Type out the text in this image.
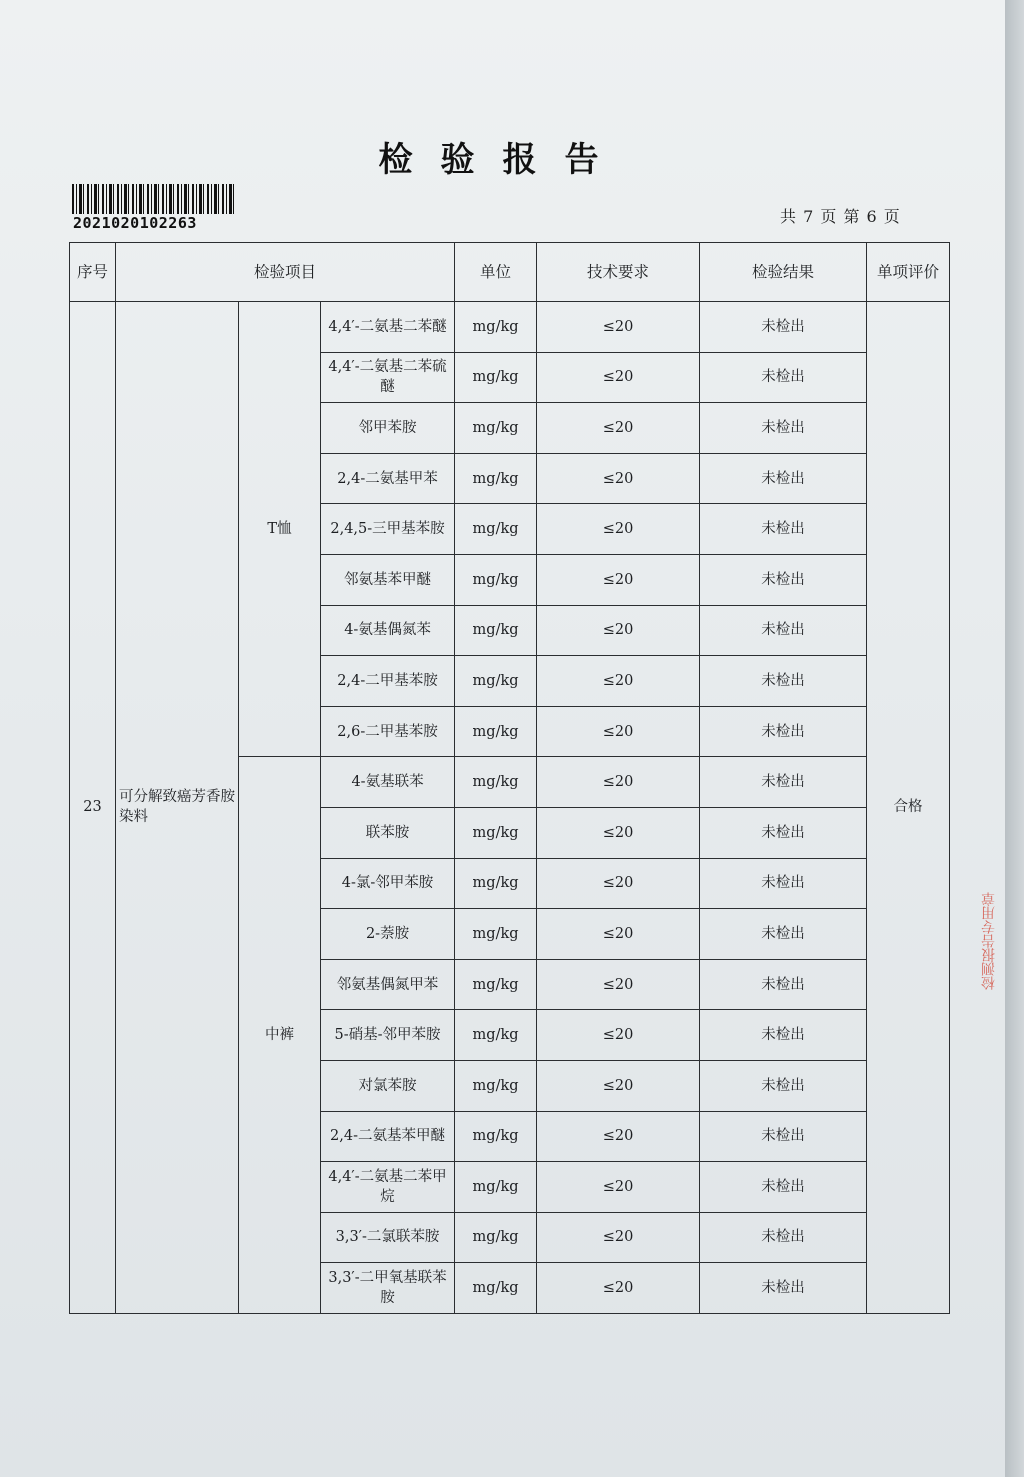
检验报告
2021020102263	共 7 页 第 6 页
序号	检验项目			单位	技术要求	检验结果	单项评价
23	可分解致癌芳香胺染料	T恤	4,4′-二氨基二苯醚	mg/kg	≤20	未检出	合格
			4,4′-二氨基二苯硫醚	mg/kg	≤20	未检出	
			邻甲苯胺	mg/kg	≤20	未检出	
			2,4-二氨基甲苯	mg/kg	≤20	未检出	
			2,4,5-三甲基苯胺	mg/kg	≤20	未检出	
			邻氨基苯甲醚	mg/kg	≤20	未检出	
			4-氨基偶氮苯	mg/kg	≤20	未检出	
			2,4-二甲基苯胺	mg/kg	≤20	未检出	
			2,6-二甲基苯胺	mg/kg	≤20	未检出	
		中裤	4-氨基联苯	mg/kg	≤20	未检出	
			联苯胺	mg/kg	≤20	未检出	
			4-氯-邻甲苯胺	mg/kg	≤20	未检出	
			2-萘胺	mg/kg	≤20	未检出	
			邻氨基偶氮甲苯	mg/kg	≤20	未检出	
			5-硝基-邻甲苯胺	mg/kg	≤20	未检出	
			对氯苯胺	mg/kg	≤20	未检出	
			2,4-二氨基苯甲醚	mg/kg	≤20	未检出	
			4,4′-二氨基二苯甲烷	mg/kg	≤20	未检出	
			3,3′-二氯联苯胺	mg/kg	≤20	未检出	
			3,3′-二甲氧基联苯胺	mg/kg	≤20	未检出	
检测报告专用章
